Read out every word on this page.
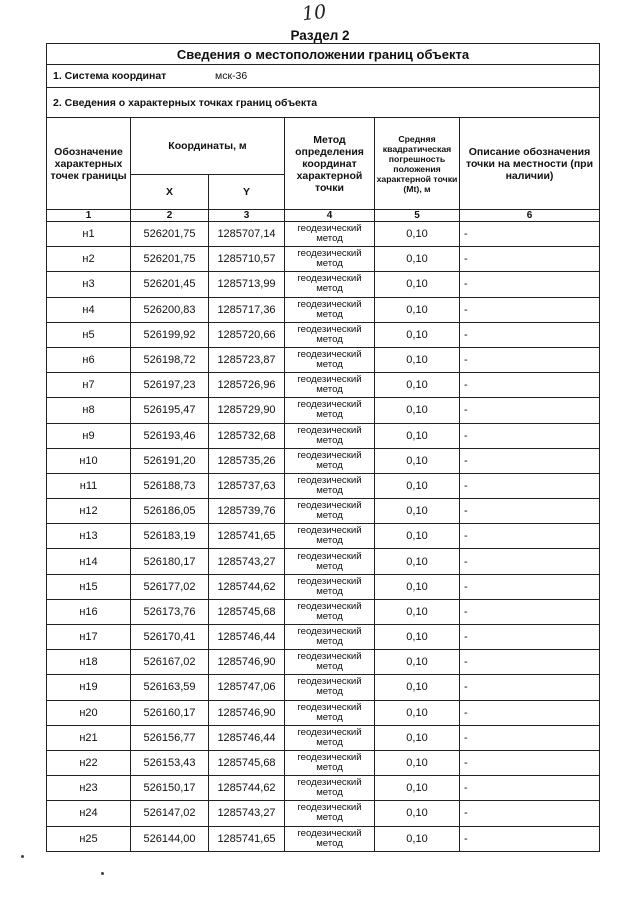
10
Раздел 2
Сведения о местоположении границ объекта					
1. Система координат мск-36					
2. Сведения о характерных точках границ объекта					
Обозначение характерных точек границы	Координаты, м		Метод определения координат характерной точки	Средняя квадратическая погрешность положения характерной точки (Mt), м	Описание обозначения точки на местности (при наличии)
	X	Y			
1	2	3	4	5	6
н1	526201,75	1285707,14	геодезический метод	0,10	-
н2	526201,75	1285710,57	геодезический метод	0,10	-
н3	526201,45	1285713,99	геодезический метод	0,10	-
н4	526200,83	1285717,36	геодезический метод	0,10	-
н5	526199,92	1285720,66	геодезический метод	0,10	-
н6	526198,72	1285723,87	геодезический метод	0,10	-
н7	526197,23	1285726,96	геодезический метод	0,10	-
н8	526195,47	1285729,90	геодезический метод	0,10	-
н9	526193,46	1285732,68	геодезический метод	0,10	-
н10	526191,20	1285735,26	геодезический метод	0,10	-
н11	526188,73	1285737,63	геодезический метод	0,10	-
н12	526186,05	1285739,76	геодезический метод	0,10	-
н13	526183,19	1285741,65	геодезический метод	0,10	-
н14	526180,17	1285743,27	геодезический метод	0,10	-
н15	526177,02	1285744,62	геодезический метод	0,10	-
н16	526173,76	1285745,68	геодезический метод	0,10	-
н17	526170,41	1285746,44	геодезический метод	0,10	-
н18	526167,02	1285746,90	геодезический метод	0,10	-
н19	526163,59	1285747,06	геодезический метод	0,10	-
н20	526160,17	1285746,90	геодезический метод	0,10	-
н21	526156,77	1285746,44	геодезический метод	0,10	-
н22	526153,43	1285745,68	геодезический метод	0,10	-
н23	526150,17	1285744,62	геодезический метод	0,10	-
н24	526147,02	1285743,27	геодезический метод	0,10	-
н25	526144,00	1285741,65	геодезический метод	0,10	-
